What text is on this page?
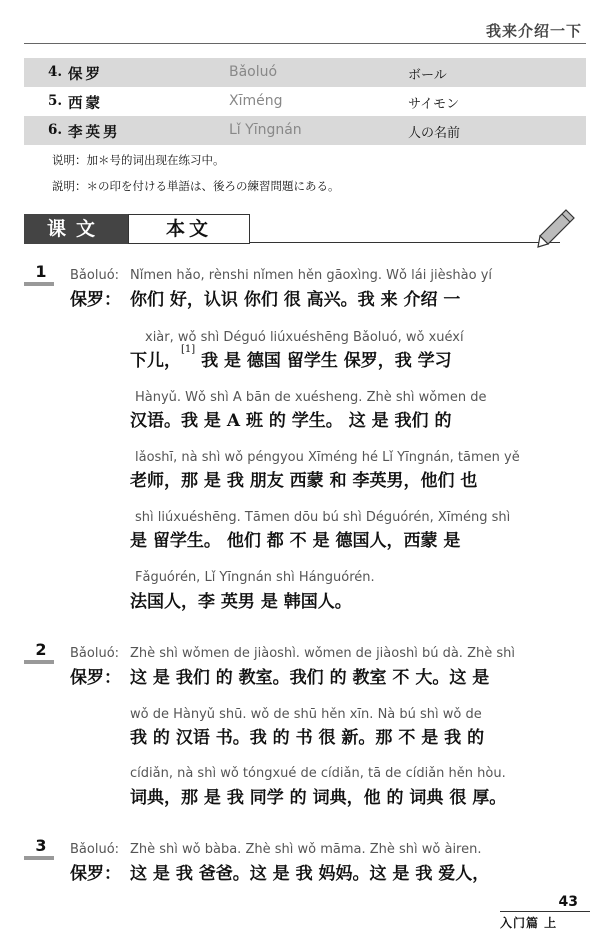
我来介绍一下
4. 保罗	Bǎoluó	ボール
5. 西蒙	Xīméng	サイモン
6. 李英男	Lǐ Yīngnán	人の名前
说明：加＊号的词出现在练习中。
説明：＊の印を付ける単語は、後ろの練習問題にある。
课文	本文
1	Bǎoluó: Nǐmen hǎo, rènshi nǐmen hěn gāoxìng. Wǒ lái jièshào yí
保罗： 你们 好，认识 你们 很 高兴。我 来 介绍 一
xiàr, wǒ shì Déguó liúxuéshēng Bǎoluó, wǒ xuéxí
下儿，[1] 我 是 德国 留学生 保罗，我 学习
Hànyǔ. Wǒ shì A bān de xuésheng. Zhè shì wǒmen de
汉语。我 是 A 班 的 学生。 这 是 我们 的
lǎoshī, nà shì wǒ péngyou Xīméng hé Lǐ Yīngnán, tāmen yě
老师，那 是 我 朋友 西蒙 和 李英男，他们 也
shì liúxuéshēng. Tāmen dōu bú shì Déguórén, Xīméng shì
是 留学生。 他们 都 不 是 德国人，西蒙 是
Fǎguórén, Lǐ Yīngnán shì Hánguórén.
法国人，李 英男 是 韩国人。
2	Bǎoluó: Zhè shì wǒmen de jiàoshì. wǒmen de jiàoshì bú dà. Zhè shì
保罗： 这 是 我们 的 教室。我们 的 教室 不 大。这 是
wǒ de Hànyǔ shū. wǒ de shū hěn xīn. Nà bú shì wǒ de
我 的 汉语 书。我 的 书 很 新。那 不 是 我 的
cídiǎn, nà shì wǒ tóngxué de cídiǎn, tā de cídiǎn hěn hòu.
词典，那 是 我 同学 的 词典，他 的 词典 很 厚。
3	Bǎoluó: Zhè shì wǒ bàba. Zhè shì wǒ māma. Zhè shì wǒ àiren.
保罗： 这 是 我 爸爸。这 是 我 妈妈。这 是 我 爱人，
43
入门篇 上
